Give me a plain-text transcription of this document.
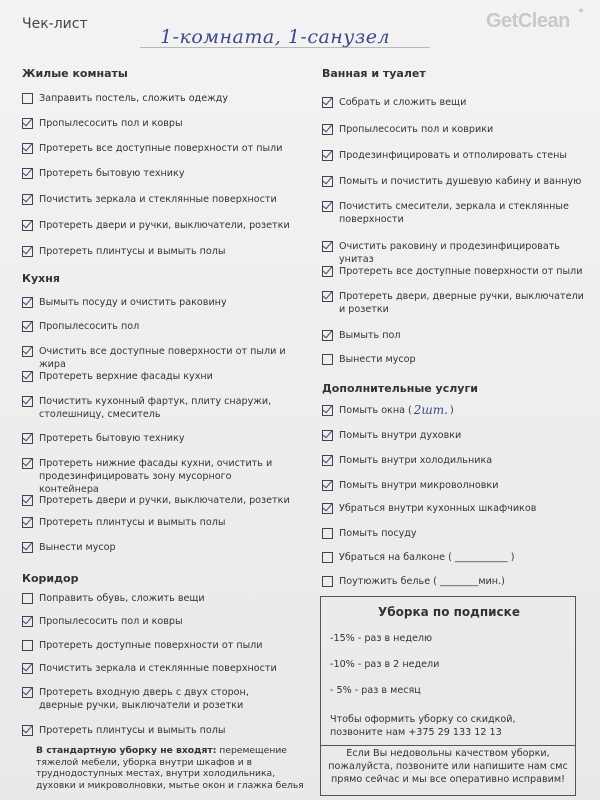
Чек-лист
1-комната, 1-санузел
GetClean ✦
Жилые комнаты
Заправить постель, сложить одежду
Пропылесосить пол и ковры
Протереть все доступные поверхности от пыли
Протереть бытовую технику
Почистить зеркала и стеклянные поверхности
Протереть двери и ручки, выключатели, розетки
Протереть плинтусы и вымыть полы
Кухня
Вымыть посуду и очистить раковину
Пропылесосить пол
Очистить все доступные поверхности от пыли и жира
Протереть верхние фасады кухни
Почистить кухонный фартук, плиту снаружи, столешницу, смеситель
Протереть бытовую технику
Протереть нижние фасады кухни, очистить и продезинфицировать зону мусорного контейнера
Протереть двери и ручки, выключатели, розетки
Протереть плинтусы и вымыть полы
Вынести мусор
Коридор
Поправить обувь, сложить вещи
Пропылесосить пол и ковры
Протереть доступные поверхности от пыли
Почистить зеркала и стеклянные поверхности
Протереть входную дверь с двух сторон, дверные ручки, выключатели и розетки
Протереть плинтусы и вымыть полы
В стандартную уборку не входят: перемещение тяжелой мебели, уборка внутри шкафов и в труднодоступных местах, внутри холодильника, духовки и микроволновки, мытье окон и глажка белья
Ванная и туалет
Собрать и сложить вещи
Пропылесосить пол и коврики
Продезинфицировать и отполировать стены
Помыть и почистить душевую кабину и ванную
Почистить смесители, зеркала и стеклянные поверхности
Очистить раковину и продезинфицировать унитаз
Протереть все доступные поверхности от пыли
Протереть двери, дверные ручки, выключатели и розетки
Вымыть пол
Вынести мусор
Дополнительные услуги
Помыть окна ( 2шт. )
Помыть внутри духовки
Помыть внутри холодильника
Помыть внутри микроволновки
Убраться внутри кухонных шкафчиков
Помыть посуду
Убраться на балконе ( ___________ )
Поутюжить белье ( ________мин.)
Уборка по подписке
-15% - раз в неделю
-10% - раз в 2 недели
- 5% - раз в месяц
Чтобы оформить уборку со скидкой, позвоните нам +375 29 133 12 13
Если Вы недовольны качеством уборки, пожалуйста, позвоните или напишите нам смс прямо сейчас и мы все оперативно исправим!
